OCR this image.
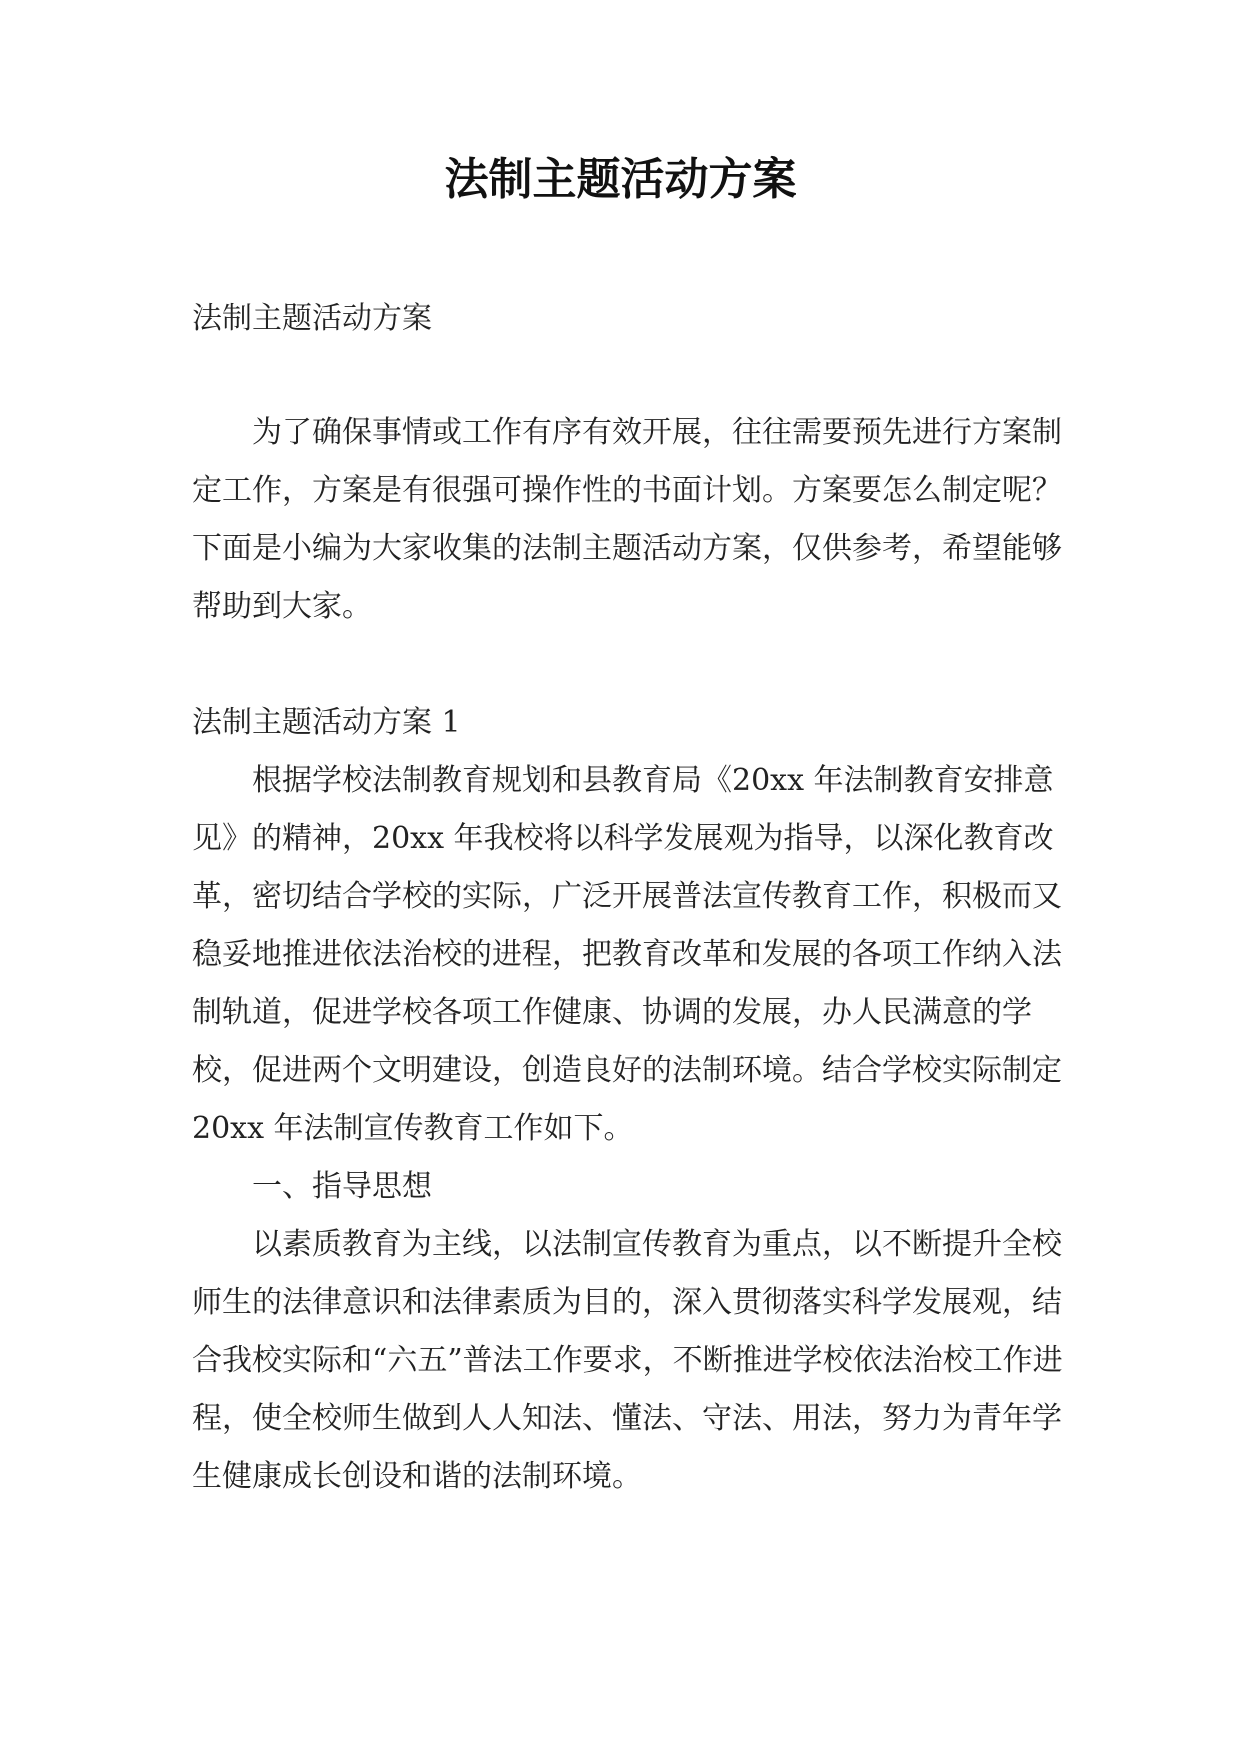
法制主题活动方案

法制主题活动方案

为了确保事情或工作有序有效开展，往往需要预先进行方案制定工作，方案是有很强可操作性的书面计划。方案要怎么制定呢？下面是小编为大家收集的法制主题活动方案，仅供参考，希望能够帮助到大家。

法制主题活动方案 1

根据学校法制教育规划和县教育局《20xx 年法制教育安排意见》的精神，20xx 年我校将以科学发展观为指导，以深化教育改革，密切结合学校的实际，广泛开展普法宣传教育工作，积极而又稳妥地推进依法治校的进程，把教育改革和发展的各项工作纳入法制轨道，促进学校各项工作健康、协调的发展，办人民满意的学校，促进两个文明建设，创造良好的法制环境。结合学校实际制定 20xx 年法制宣传教育工作如下。

一、指导思想

以素质教育为主线，以法制宣传教育为重点，以不断提升全校师生的法律意识和法律素质为目的，深入贯彻落实科学发展观，结合我校实际和“六五”普法工作要求，不断推进学校依法治校工作进程，使全校师生做到人人知法、懂法、守法、用法，努力为青年学生健康成长创设和谐的法制环境。
